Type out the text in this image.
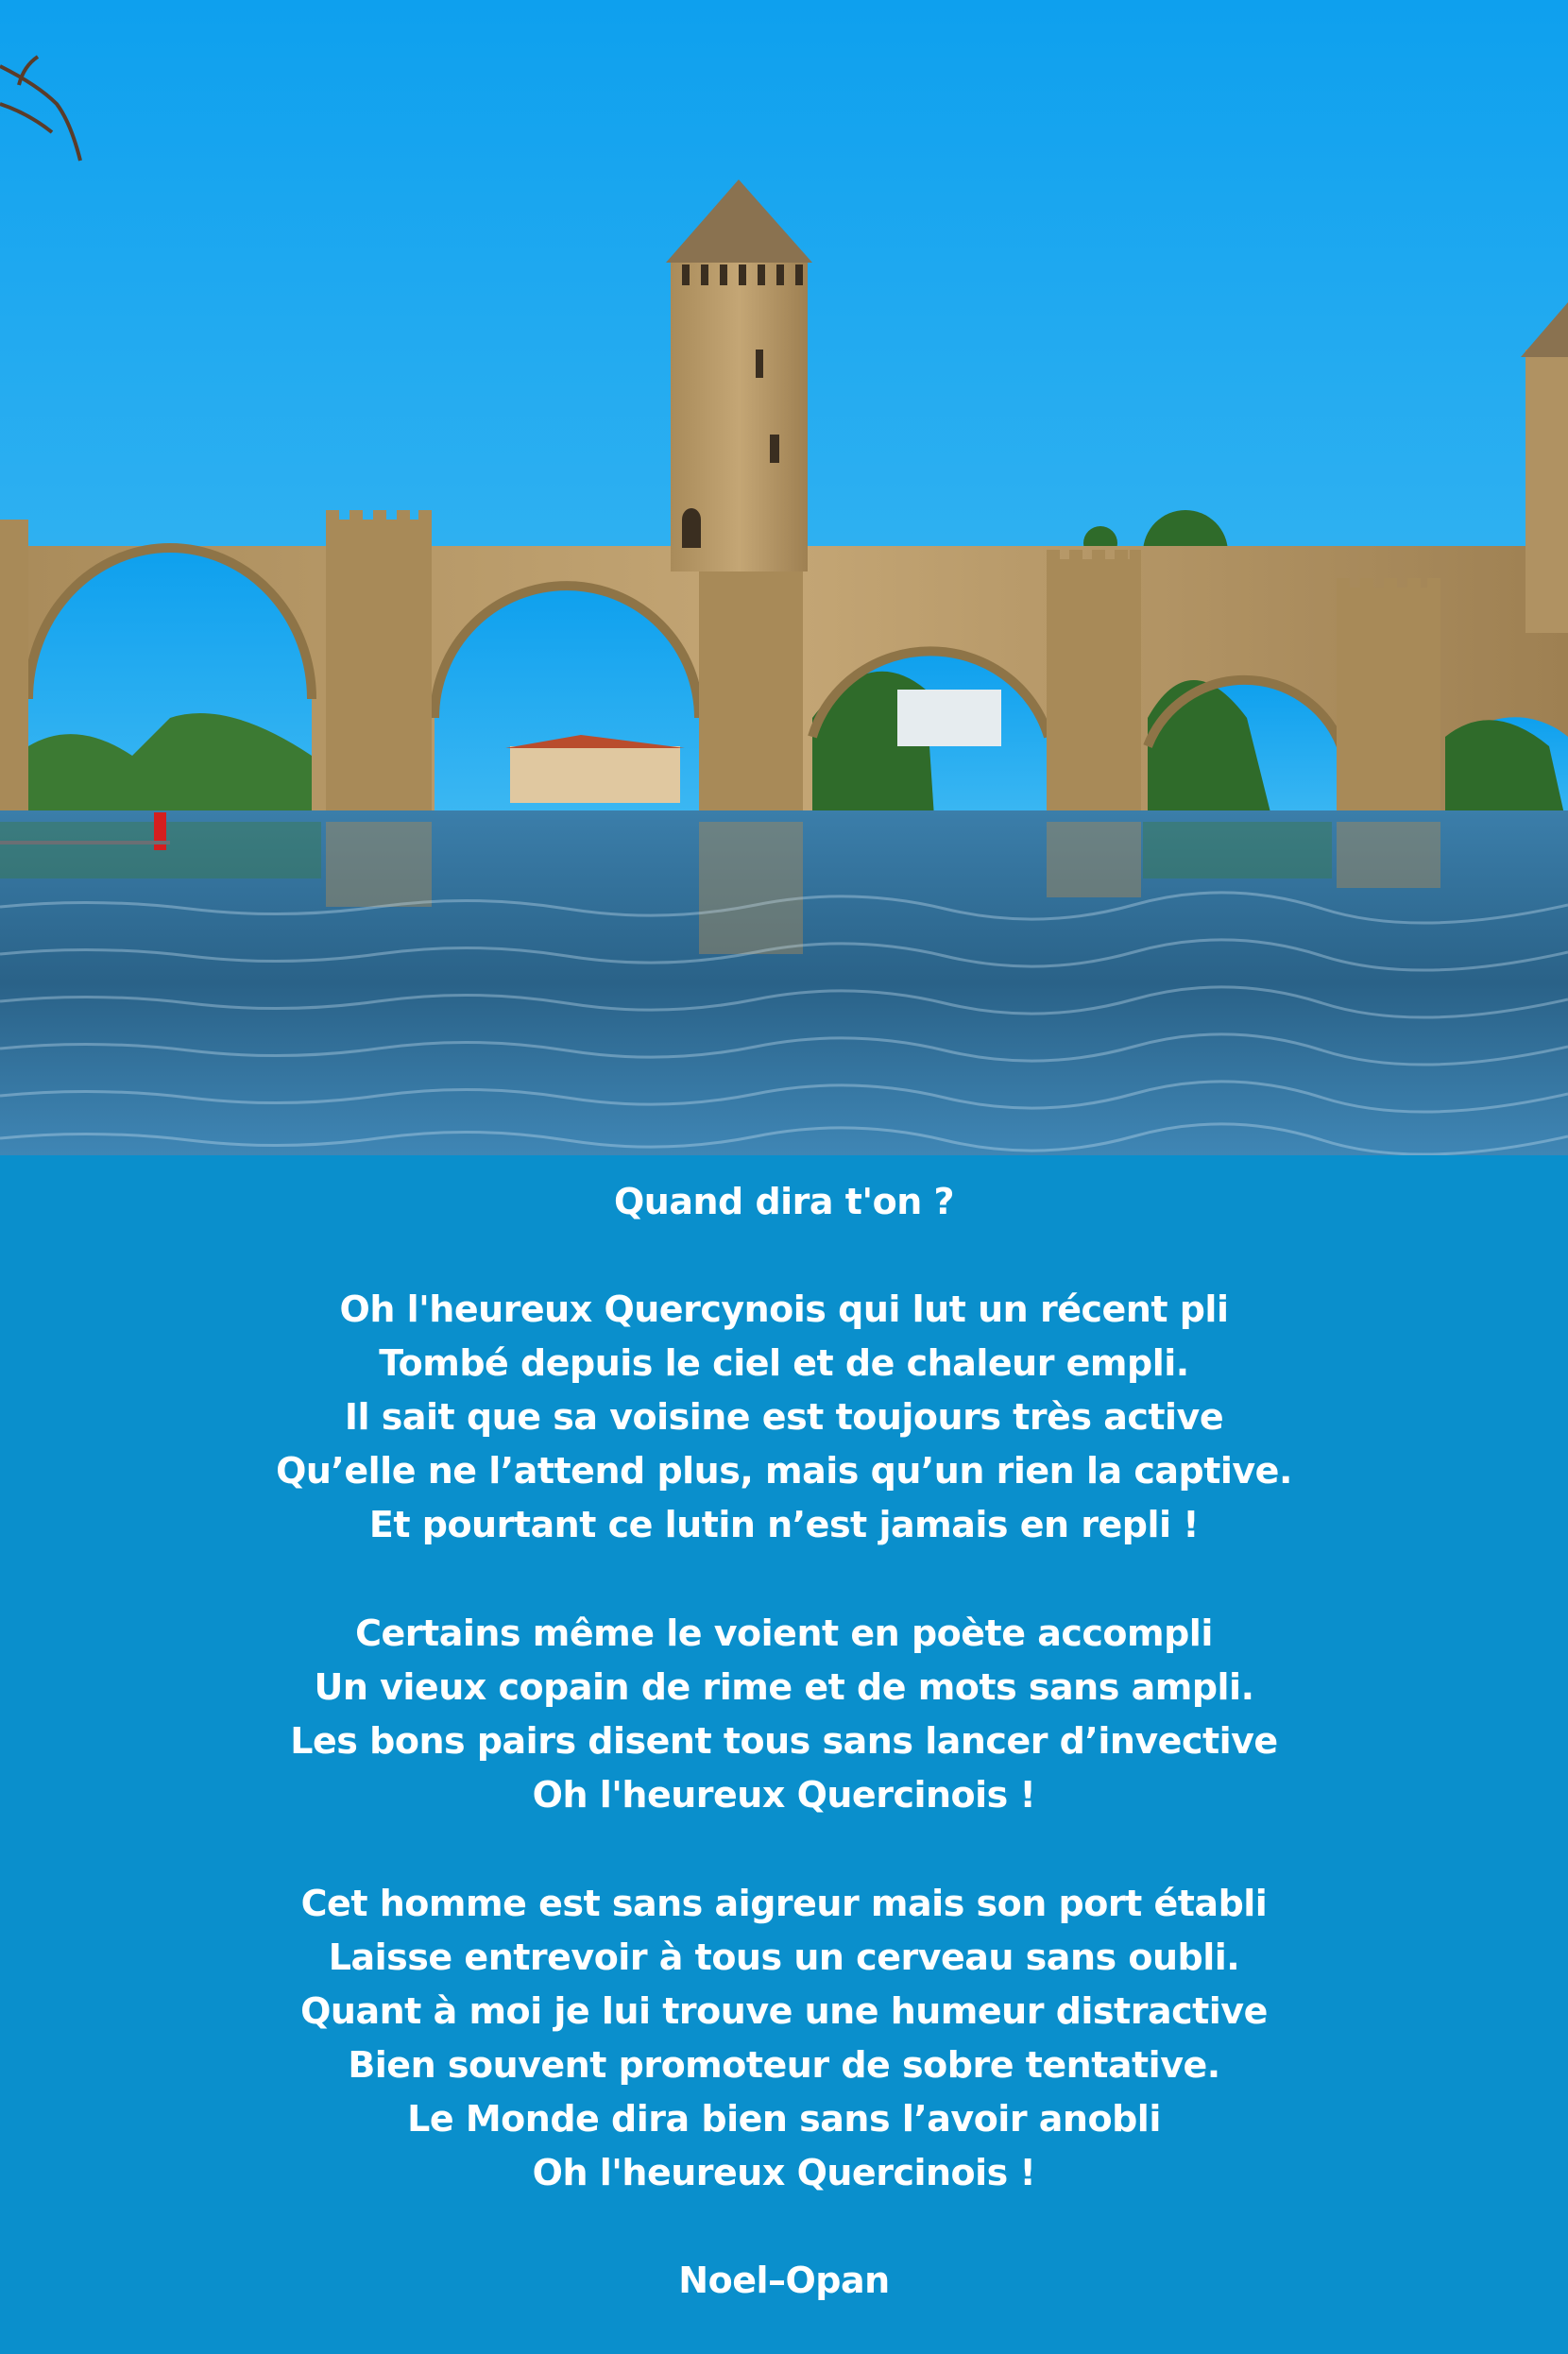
Quand dira t'on ?
Oh l'heureux Quercynois qui lut un récent pli
Tombé depuis le ciel et de chaleur empli.
Il sait que sa voisine est toujours très active
Qu’elle ne l’attend plus, mais qu’un rien la captive.
Et pourtant ce lutin n’est jamais en repli !
Certains même le voient en poète accompli
Un vieux copain de rime et de mots sans ampli.
Les bons pairs disent tous sans lancer d’invective
Oh l'heureux Quercinois !
Cet homme est sans aigreur mais son port établi
Laisse entrevoir à tous un cerveau sans oubli.
Quant à moi je lui trouve une humeur distractive
Bien souvent promoteur de sobre tentative.
Le Monde dira bien sans l’avoir anobli
Oh l'heureux Quercinois !
Noel–Opan
